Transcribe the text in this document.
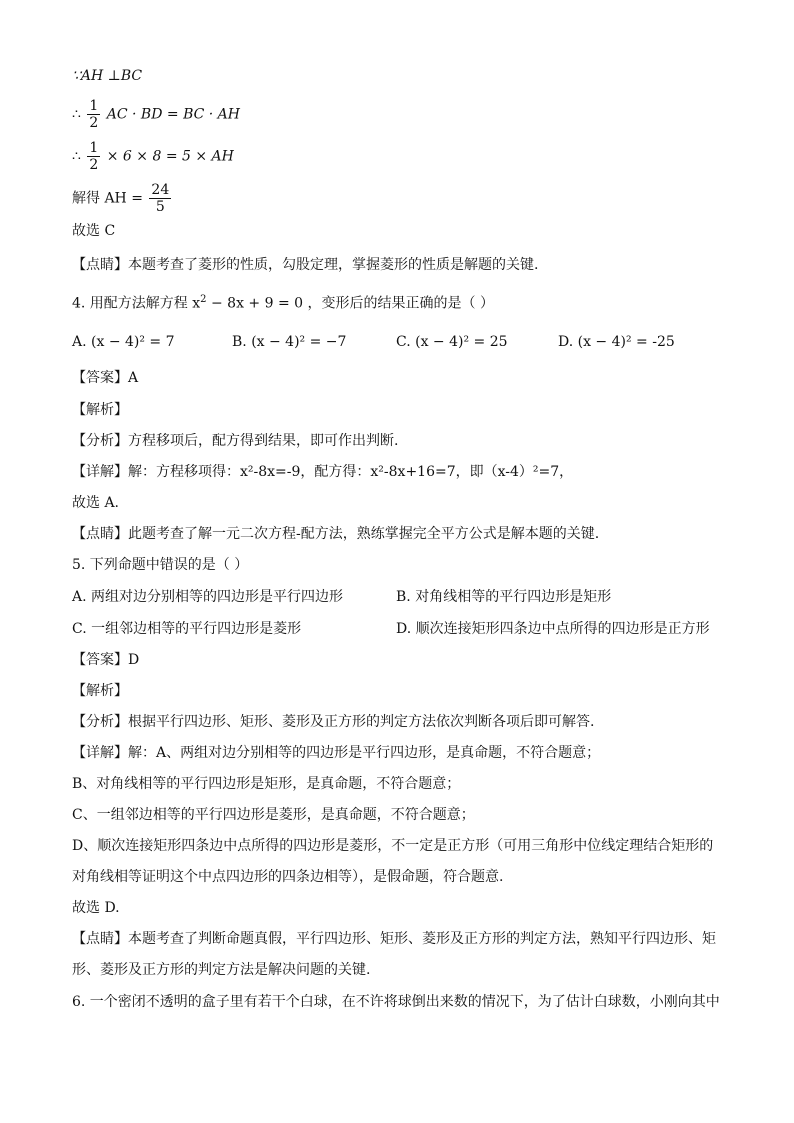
∵AH ⊥BC
∴ $\frac{1}{2}$ AC · BD = BC · AH
∴ $\frac{1}{2} \times 6 \times 8 = 5$ × AH
解得 AH = $\frac{24}{5}$
故选 C
【点睛】本题考查了菱形的性质，勾股定理，掌握菱形的性质是解题的关键.
4. 用配方法解方程 $x^2 - 8x + 9 = 0$ ，变形后的结果正确的是（ ）
A. (x − 4)² = 7	B. (x − 4)² = −7	C. (x − 4)² = 25	D. (x − 4)² = -25
【答案】A
【解析】
【分析】方程移项后，配方得到结果，即可作出判断.
【详解】解：方程移项得：x²-8x=-9，配方得：x²-8x+16=7，即（x-4）²=7，
故选 A.
【点睛】此题考查了解一元二次方程-配方法，熟练掌握完全平方公式是解本题的关键.
5. 下列命题中错误的是（ ）
A. 两组对边分别相等的四边形是平行四边形	B. 对角线相等的平行四边形是矩形
C. 一组邻边相等的平行四边形是菱形	D. 顺次连接矩形四条边中点所得的四边形是正方形
【答案】D
【解析】
【分析】根据平行四边形、矩形、菱形及正方形的判定方法依次判断各项后即可解答.
【详解】解：A、两组对边分别相等的四边形是平行四边形，是真命题，不符合题意；
B、对角线相等的平行四边形是矩形，是真命题，不符合题意；
C、一组邻边相等的平行四边形是菱形，是真命题，不符合题意；
D、顺次连接矩形四条边中点所得的四边形是菱形，不一定是正方形（可用三角形中位线定理结合矩形的
对角线相等证明这个中点四边形的四条边相等），是假命题，符合题意.
故选 D.
【点睛】本题考查了判断命题真假，平行四边形、矩形、菱形及正方形的判定方法，熟知平行四边形、矩
形、菱形及正方形的判定方法是解决问题的关键.
6. 一个密闭不透明的盒子里有若干个白球，在不许将球倒出来数的情况下，为了估计白球数，小刚向其中
